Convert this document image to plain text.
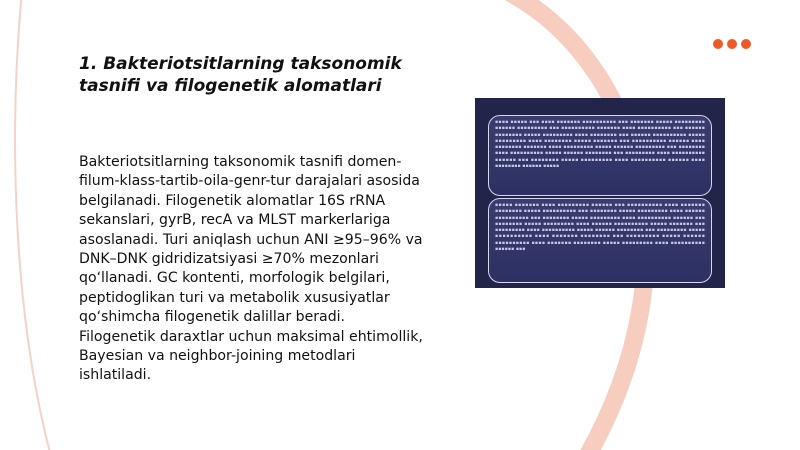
1. Bakteriotsitlarning taksonomik tasnifi va filogenetik alomatlari

Bakteriotsitlarning taksonomik tasnifi domen-filum-klass-tartib-oila-genr-tur darajalari asosida belgilanadi. Filogenetik alomatlar 16S rRNA sekanslari, gyrB, recA va MLST markerlariga asoslanadi. Turi aniqlash uchun ANI ≥95–96% va DNK–DNK gidridizatsiyasi ≥70% mezonlari qo‘llanadi. GC kontenti, morfologik belgilari, peptidoglikan turi va metabolik xususiyatlar qo‘shimcha filogenetik dalillar beradi. Filogenetik daraxtlar uchun maksimal ehtimollik, Bayesian va neighbor-joining metodlari ishlatiladi.

▪▪▪▪ ▪▪▪▪▪ ▪▪▪ ▪▪▪▪ ▪▪▪▪▪▪▪ ▪▪▪▪▪▪▪▪▪▪ ▪▪▪ ▪▪▪▪▪▪▪ ▪▪▪▪▪ ▪▪▪▪▪▪▪▪▪ ▪▪▪▪▪▪ ▪▪▪▪▪▪▪▪▪ ▪▪▪ ▪▪▪▪▪▪▪▪▪▪ ▪▪▪▪▪▪▪ ▪▪▪▪ ▪▪▪▪▪▪▪▪▪▪ ▪▪▪ ▪▪▪▪▪▪ ▪▪▪▪▪▪▪▪ ▪▪▪▪▪ ▪▪▪▪▪▪▪▪▪ ▪▪▪▪ ▪▪▪▪▪▪▪▪ ▪▪▪ ▪▪▪▪▪▪ ▪▪▪▪▪▪▪▪▪▪ ▪▪▪▪▪ ▪▪▪▪▪▪▪▪▪ ▪▪▪▪ ▪▪▪▪▪▪▪▪ ▪▪▪▪▪ ▪▪▪▪▪▪▪ ▪▪▪ ▪▪▪▪▪▪▪▪▪▪ ▪▪▪▪▪▪ ▪▪▪▪ ▪▪▪▪▪▪▪▪ ▪▪▪▪▪▪▪ ▪▪▪▪ ▪▪▪▪▪▪▪▪▪ ▪▪▪▪▪ ▪▪▪▪▪▪ ▪▪▪▪▪▪▪▪▪ ▪▪▪ ▪▪▪▪▪▪▪▪ ▪▪▪▪ ▪▪▪▪▪▪▪▪▪▪ ▪▪▪▪▪ ▪▪▪▪▪▪ ▪▪▪▪▪▪▪▪ ▪▪▪ ▪▪▪▪▪▪▪▪▪ ▪▪▪▪ ▪▪▪▪▪▪▪▪▪▪ ▪▪▪▪▪▪ ▪▪▪ ▪▪▪▪▪▪▪▪ ▪▪▪▪▪ ▪▪▪▪▪▪▪▪▪ ▪▪▪▪ ▪▪▪▪▪▪▪▪▪▪ ▪▪▪▪▪▪ ▪▪▪▪ ▪▪▪▪▪▪▪▪ ▪▪▪▪▪▪ ▪▪▪▪▪

▪▪▪▪▪ ▪▪▪▪▪▪▪ ▪▪▪▪ ▪▪▪▪▪▪▪▪▪ ▪▪▪▪▪▪ ▪▪▪ ▪▪▪▪▪▪▪▪▪▪ ▪▪▪▪ ▪▪▪▪▪▪▪ ▪▪▪▪▪▪▪▪ ▪▪▪▪▪ ▪▪▪▪▪▪▪▪▪▪ ▪▪▪ ▪▪▪▪▪▪▪▪ ▪▪▪▪▪ ▪▪▪▪▪▪▪▪▪ ▪▪▪▪ ▪▪▪▪▪▪ ▪▪▪▪▪▪▪▪▪▪ ▪▪▪ ▪▪▪▪▪▪▪▪ ▪▪▪▪▪ ▪▪▪▪▪▪▪▪▪ ▪▪▪▪ ▪▪▪▪▪▪▪▪▪▪ ▪▪▪▪▪▪ ▪▪▪ ▪▪▪▪▪▪▪▪ ▪▪▪▪▪ ▪▪▪▪▪▪▪▪▪ ▪▪▪▪ ▪▪▪▪▪▪ ▪▪▪▪▪▪▪▪▪▪ ▪▪▪▪▪ ▪▪▪▪▪▪▪ ▪▪▪ ▪▪▪▪▪▪▪▪▪ ▪▪▪▪ ▪▪▪▪▪▪▪▪▪▪ ▪▪▪▪▪ ▪▪▪▪▪▪ ▪▪▪▪▪▪▪▪ ▪▪▪ ▪▪▪▪▪▪▪▪▪ ▪▪▪▪▪ ▪▪▪▪▪▪▪▪▪▪ ▪▪▪▪ ▪▪▪▪▪▪▪ ▪▪▪▪▪▪▪▪ ▪▪▪ ▪▪▪▪▪▪▪▪▪ ▪▪▪▪▪ ▪▪▪▪▪▪ ▪▪▪▪▪▪▪▪▪▪ ▪▪▪▪ ▪▪▪▪▪▪▪ ▪▪▪▪▪▪▪▪ ▪▪▪▪▪ ▪▪▪▪▪▪▪▪▪ ▪▪▪▪ ▪▪▪▪▪▪▪▪▪▪ ▪▪▪▪▪▪ ▪▪▪
